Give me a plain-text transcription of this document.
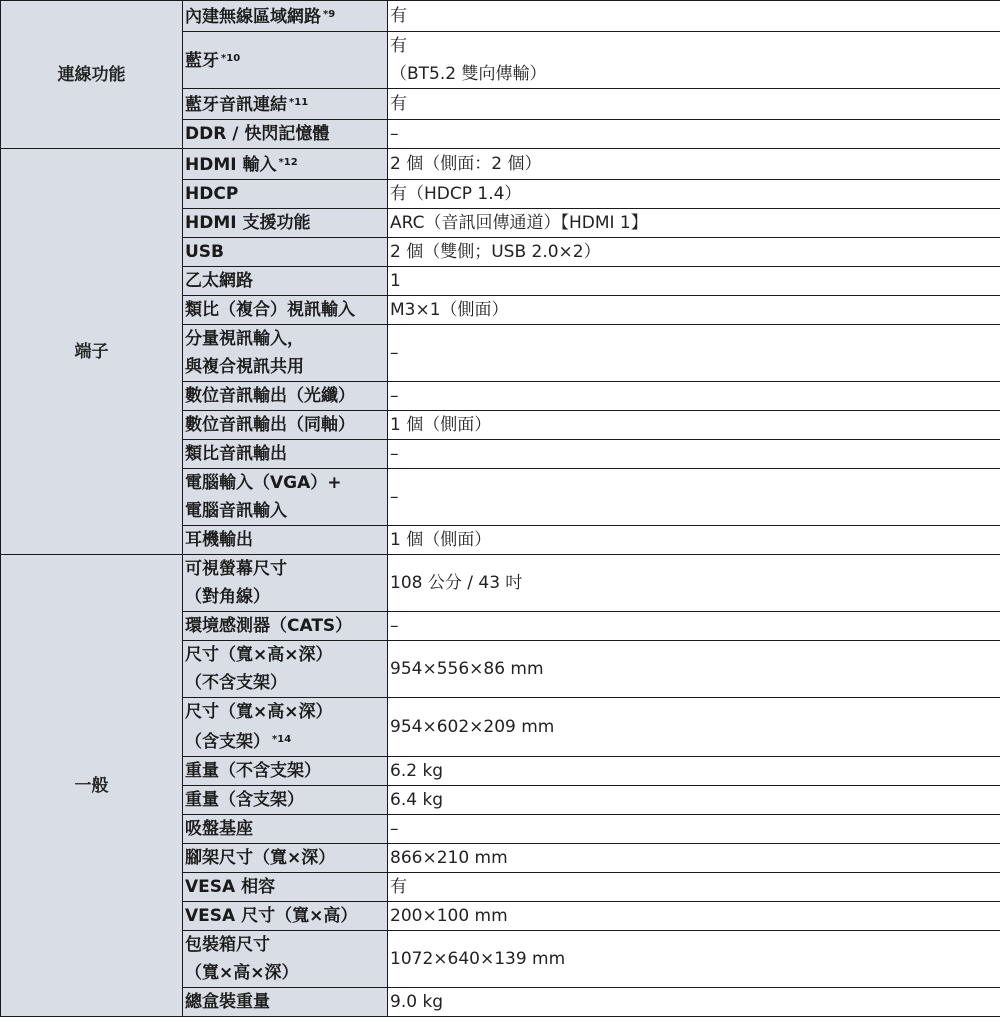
連線功能	內建無線區域網路 $^{*9}$	有
	藍牙 $^{*10}$	有
（BT5.2 雙向傳輸）

	藍牙音訊連結 $^{*11}$	有
	DDR / 快閃記憶體	–
端子	HDMI 輸入 $^{*12}$	2 個（側面：2 個）
	HDCP	有（HDCP 1.4）
	HDMI 支援功能	ARC（音訊回傳通道）【HDMI 1】
	USB	2 個（雙側；USB 2.0×2）
	乙太網路	1
	類比（複合）視訊輸入	M3×1（側面）

	分量視訊輸入，
與複合視訊共用	–
	數位音訊輸出（光纖）	–
	數位音訊輸出（同軸）	1 個（側面）
	類比音訊輸出	–

	電腦輸入（VGA）+
電腦音訊輸入	–
	耳機輸出	1 個（側面）
一般	可視螢幕尺寸
（對角線）	108 公分 / 43 吋
	環境感測器（CATS）	–

	尺寸（寬×高×深）
（不含支架）	954×556×86 mm

	尺寸（寬×高×深）
（含支架） $^{*14}$	954×602×209 mm
	重量（不含支架）	6.2 kg
	重量（含支架）	6.4 kg
	吸盤基座	–
	腳架尺寸（寬×深）	866×210 mm
	VESA 相容	有
	VESA 尺寸（寬×高）	200×100 mm

	包裝箱尺寸
（寬×高×深）	1072×640×139 mm
	總盒裝重量	9.0 kg
